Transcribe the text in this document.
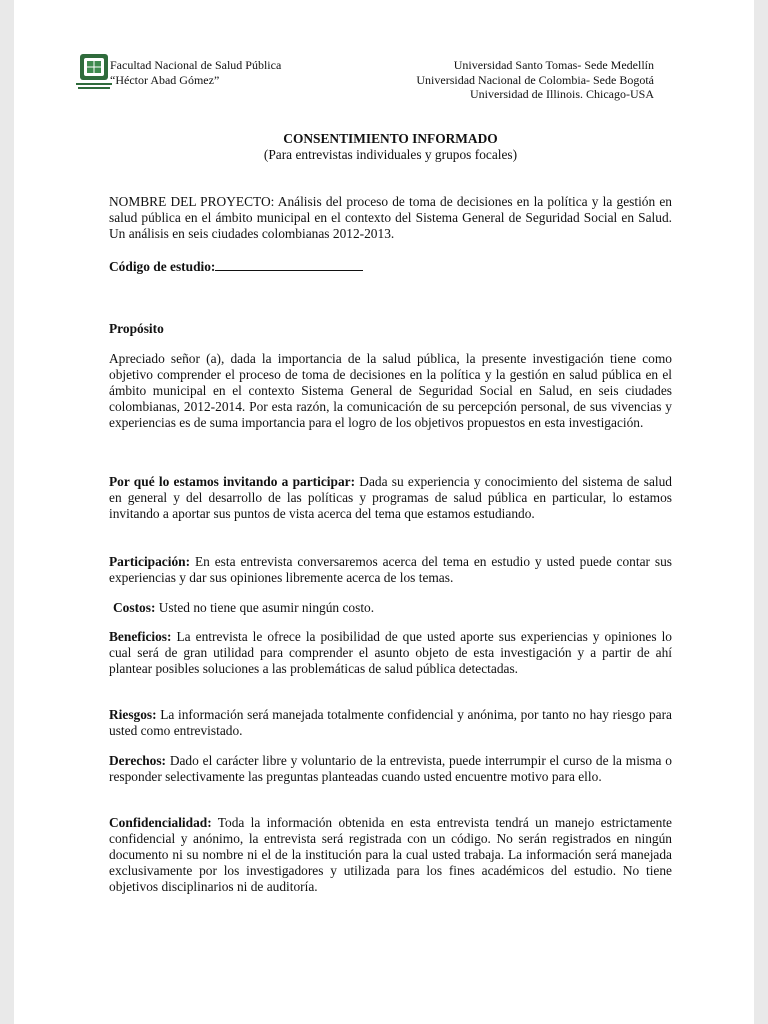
Facultad Nacional de Salud Pública
“Héctor Abad Gómez”
Universidad Santo Tomas- Sede Medellín
Universidad Nacional de Colombia- Sede Bogotá
Universidad de Illinois. Chicago-USA
CONSENTIMIENTO INFORMADO
(Para entrevistas individuales y grupos focales)

NOMBRE DEL PROYECTO: Análisis del proceso de toma de decisiones en la política y la gestión en salud pública en el ámbito municipal en el contexto del Sistema General de Seguridad Social en Salud. Un análisis en seis ciudades colombianas 2012-2013.

Código de estudio:
Propósito

Apreciado señor (a), dada la importancia de la salud pública, la presente investigación tiene como objetivo comprender el proceso de toma de decisiones en la política y la gestión en salud pública en el ámbito municipal en el contexto Sistema General de Seguridad Social en Salud, en seis ciudades colombianas, 2012-2014. Por esta razón, la comunicación de su percepción personal, de sus vivencias y experiencias es de suma importancia para el logro de los objetivos propuestos en esta investigación.

Por qué lo estamos invitando a participar: Dada su experiencia y conocimiento del sistema de salud en general y del desarrollo de las políticas y programas de salud pública en particular, lo estamos invitando a aportar sus puntos de vista acerca del tema que estamos estudiando.

Participación: En esta entrevista conversaremos acerca del tema en estudio y usted puede contar sus experiencias y dar sus opiniones libremente acerca de los temas.

Costos: Usted no tiene que asumir ningún costo.

Beneficios: La entrevista le ofrece la posibilidad de que usted aporte sus experiencias y opiniones lo cual será de gran utilidad para comprender el asunto objeto de esta investigación y a partir de ahí plantear posibles soluciones a las problemáticas de salud pública detectadas.

Riesgos: La información será manejada totalmente confidencial y anónima, por tanto no hay riesgo para usted como entrevistado.

Derechos: Dado el carácter libre y voluntario de la entrevista, puede interrumpir el curso de la misma o responder selectivamente las preguntas planteadas cuando usted encuentre motivo para ello.

Confidencialidad: Toda la información obtenida en esta entrevista tendrá un manejo estrictamente confidencial y anónimo, la entrevista será registrada con un código. No serán registrados en ningún documento ni su nombre ni el de la institución para la cual usted trabaja. La información será manejada exclusivamente por los investigadores y utilizada para los fines académicos del estudio. No tiene objetivos disciplinarios ni de auditoría.
